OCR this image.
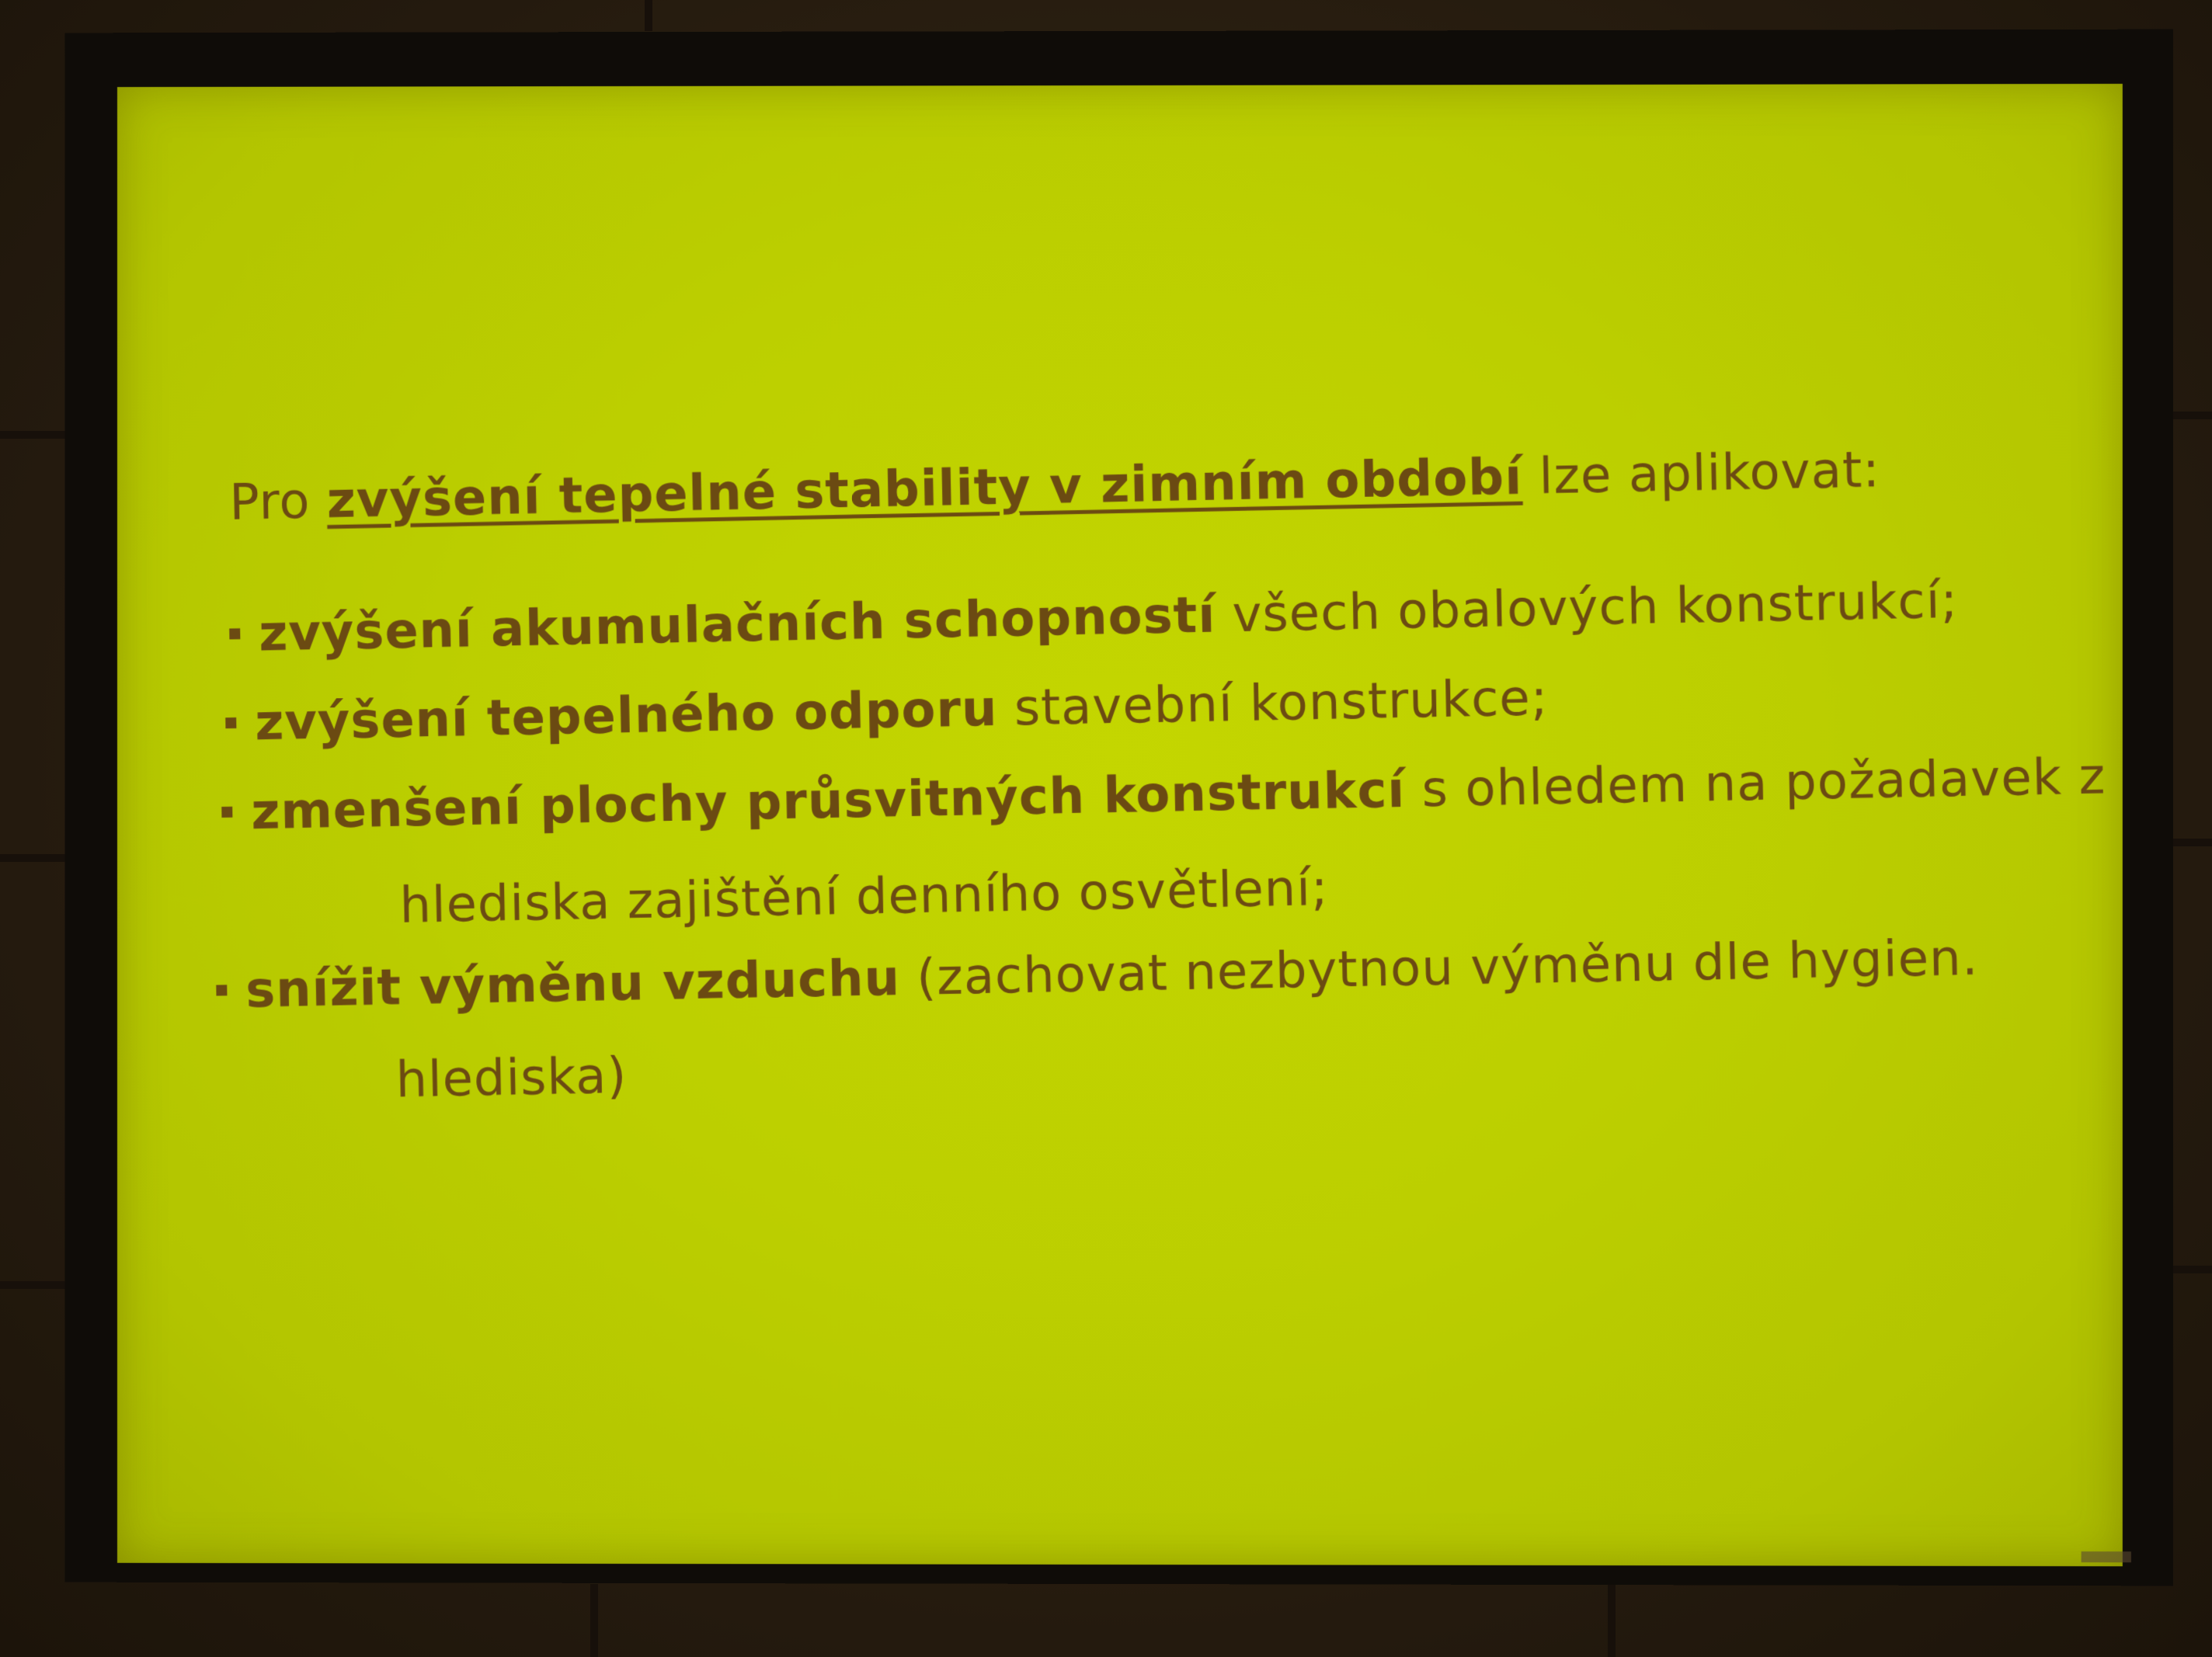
Pro zvýšení tepelné stability v zimním období lze aplikovat:
zvýšení akumulačních schopností všech obalových konstrukcí;
zvýšení tepelného odporu stavební konstrukce;
zmenšení plochy průsvitných konstrukcí s ohledem na požadavek z
hlediska zajištění denního osvětlení;
snížit výměnu vzduchu (zachovat nezbytnou výměnu dle hygien.
hlediska)
